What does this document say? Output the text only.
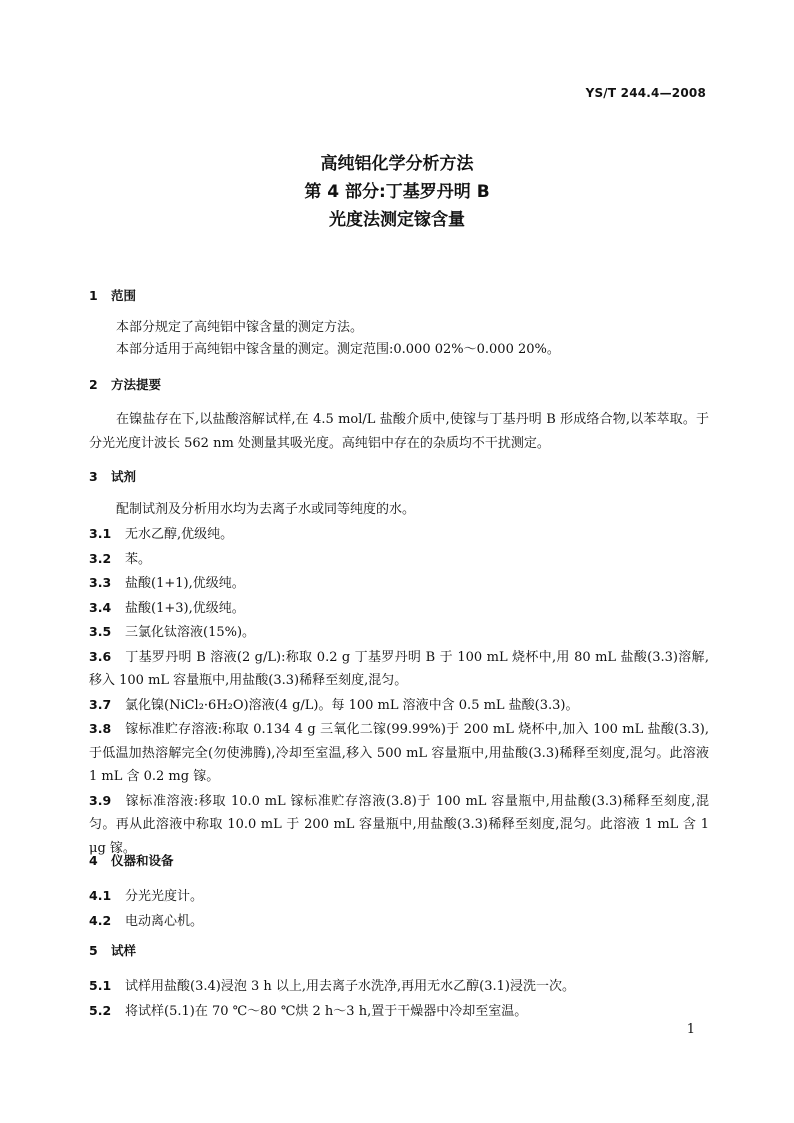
YS/T 244.4—2008
高纯铝化学分析方法
第 4 部分:丁基罗丹明 B
光度法测定镓含量
1 范围

本部分规定了高纯铝中镓含量的测定方法。

本部分适用于高纯铝中镓含量的测定。测定范围:0.000 02%～0.000 20%。

2 方法提要

在镍盐存在下,以盐酸溶解试样,在 4.5 mol/L 盐酸介质中,使镓与丁基丹明 B 形成络合物,以苯萃取。于分光光度计波长 562 nm 处测量其吸光度。高纯铝中存在的杂质均不干扰测定。

3 试剂

配制试剂及分析用水均为去离子水或同等纯度的水。

3.1 无水乙醇,优级纯。

3.2 苯。

3.3 盐酸(1+1),优级纯。

3.4 盐酸(1+3),优级纯。

3.5 三氯化钛溶液(15%)。

3.6 丁基罗丹明 B 溶液(2 g/L):称取 0.2 g 丁基罗丹明 B 于 100 mL 烧杯中,用 80 mL 盐酸(3.3)溶解,移入 100 mL 容量瓶中,用盐酸(3.3)稀释至刻度,混匀。

3.7 氯化镍(NiCl₂·6H₂O)溶液(4 g/L)。每 100 mL 溶液中含 0.5 mL 盐酸(3.3)。

3.8 镓标准贮存溶液:称取 0.134 4 g 三氧化二镓(99.99%)于 200 mL 烧杯中,加入 100 mL 盐酸(3.3),于低温加热溶解完全(勿使沸腾),冷却至室温,移入 500 mL 容量瓶中,用盐酸(3.3)稀释至刻度,混匀。此溶液 1 mL 含 0.2 mg 镓。

3.9 镓标准溶液:移取 10.0 mL 镓标准贮存溶液(3.8)于 100 mL 容量瓶中,用盐酸(3.3)稀释至刻度,混匀。再从此溶液中称取 10.0 mL 于 200 mL 容量瓶中,用盐酸(3.3)稀释至刻度,混匀。此溶液 1 mL 含 1 μg 镓。

4 仪器和设备

4.1 分光光度计。

4.2 电动离心机。

5 试样

5.1 试样用盐酸(3.4)浸泡 3 h 以上,用去离子水洗净,再用无水乙醇(3.1)浸洗一次。

5.2 将试样(5.1)在 70 ℃～80 ℃烘 2 h～3 h,置于干燥器中冷却至室温。

1
